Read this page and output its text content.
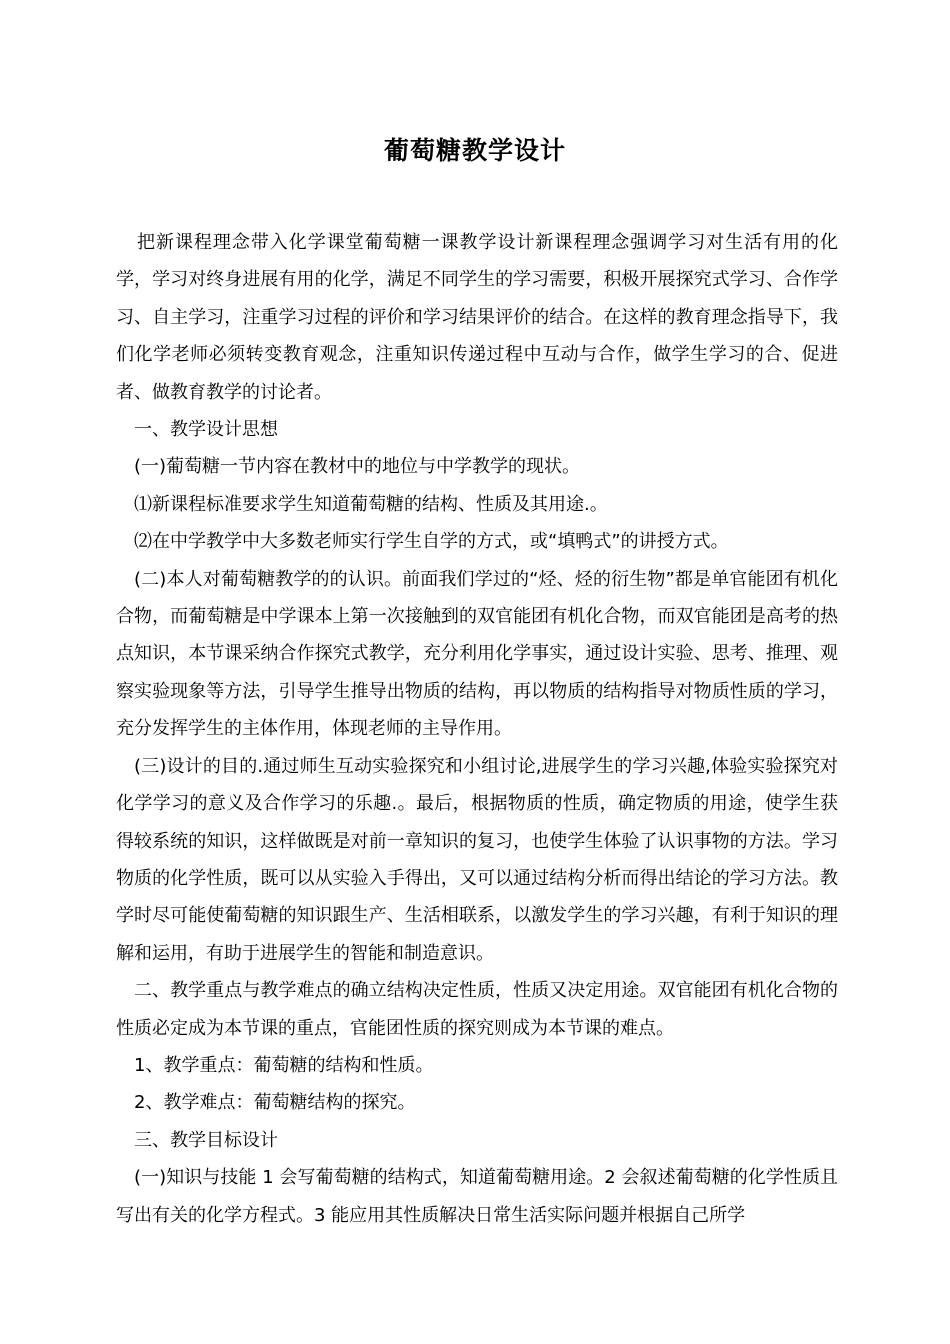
葡萄糖教学设计

把新课程理念带入化学课堂葡萄糖一课教学设计新课程理念强调学习对生活有用的化学，学习对终身进展有用的化学，满足不同学生的学习需要，积极开展探究式学习、合作学习、自主学习，注重学习过程的评价和学习结果评价的结合。在这样的教育理念指导下，我们化学老师必须转变教育观念，注重知识传递过程中互动与合作，做学生学习的合、促进者、做教育教学的讨论者。

一、教学设计思想

(一)葡萄糖一节内容在教材中的地位与中学教学的现状。

⑴新课程标准要求学生知道葡萄糖的结构、性质及其用途.。

⑵在中学教学中大多数老师实行学生自学的方式，或“填鸭式”的讲授方式。

(二)本人对葡萄糖教学的的认识。前面我们学过的“烃、烃的衍生物”都是单官能团有机化合物，而葡萄糖是中学课本上第一次接触到的双官能团有机化合物，而双官能团是高考的热点知识，本节课采纳合作探究式教学，充分利用化学事实，通过设计实验、思考、推理、观察实验现象等方法，引导学生推导出物质的结构，再以物质的结构指导对物质性质的学习，充分发挥学生的主体作用，体现老师的主导作用。

(三)设计的目的.通过师生互动实验探究和小组讨论,进展学生的学习兴趣,体验实验探究对化学学习的意义及合作学习的乐趣.。最后，根据物质的性质，确定物质的用途，使学生获得较系统的知识，这样做既是对前一章知识的复习，也使学生体验了认识事物的方法。学习物质的化学性质，既可以从实验入手得出，又可以通过结构分析而得出结论的学习方法。教学时尽可能使葡萄糖的知识跟生产、生活相联系，以激发学生的学习兴趣，有利于知识的理解和运用，有助于进展学生的智能和制造意识。

二、教学重点与教学难点的确立结构决定性质，性质又决定用途。双官能团有机化合物的性质必定成为本节课的重点，官能团性质的探究则成为本节课的难点。

1、教学重点：葡萄糖的结构和性质。

2、教学难点：葡萄糖结构的探究。

三、教学目标设计

(一)知识与技能 1 会写葡萄糖的结构式，知道葡萄糖用途。2 会叙述葡萄糖的化学性质且写出有关的化学方程式。3 能应用其性质解决日常生活实际问题并根据自己所学
